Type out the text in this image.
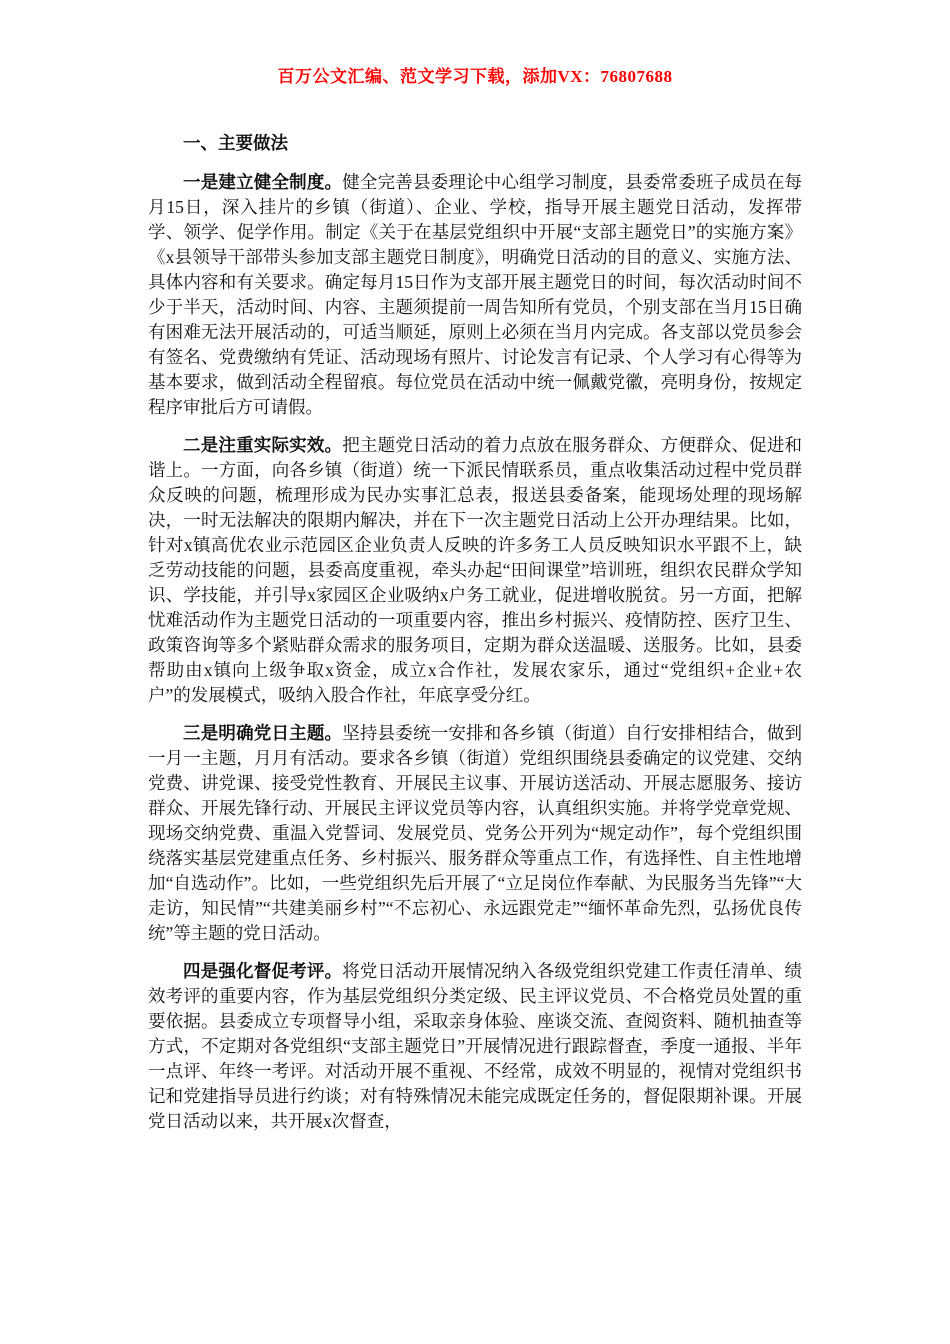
百万公文汇编、范文学习下载，添加VX：76807688

一、主要做法

一是建立健全制度。健全完善县委理论中心组学习制度，县委常委班子成员在每月15日，深入挂片的乡镇（街道）、企业、学校，指导开展主题党日活动，发挥带学、领学、促学作用。制定《关于在基层党组织中开展“支部主题党日”的实施方案》《x县领导干部带头参加支部主题党日制度》，明确党日活动的目的意义、实施方法、具体内容和有关要求。确定每月15日作为支部开展主题党日的时间，每次活动时间不少于半天，活动时间、内容、主题须提前一周告知所有党员，个别支部在当月15日确有困难无法开展活动的，可适当顺延，原则上必须在当月内完成。各支部以党员参会有签名、党费缴纳有凭证、活动现场有照片、讨论发言有记录、个人学习有心得等为基本要求，做到活动全程留痕。每位党员在活动中统一佩戴党徽，亮明身份，按规定程序审批后方可请假。

二是注重实际实效。把主题党日活动的着力点放在服务群众、方便群众、促进和谐上。一方面，向各乡镇（街道）统一下派民情联系员，重点收集活动过程中党员群众反映的问题，梳理形成为民办实事汇总表，报送县委备案，能现场处理的现场解决，一时无法解决的限期内解决，并在下一次主题党日活动上公开办理结果。比如，针对x镇高优农业示范园区企业负责人反映的许多务工人员反映知识水平跟不上，缺乏劳动技能的问题，县委高度重视，牵头办起“田间课堂”培训班，组织农民群众学知识、学技能，并引导x家园区企业吸纳x户务工就业，促进增收脱贫。另一方面，把解忧难活动作为主题党日活动的一项重要内容，推出乡村振兴、疫情防控、医疗卫生、政策咨询等多个紧贴群众需求的服务项目，定期为群众送温暖、送服务。比如，县委帮助由x镇向上级争取x资金，成立x合作社，发展农家乐，通过“党组织+企业+农户”的发展模式，吸纳入股合作社，年底享受分红。

三是明确党日主题。坚持县委统一安排和各乡镇（街道）自行安排相结合，做到一月一主题，月月有活动。要求各乡镇（街道）党组织围绕县委确定的议党建、交纳党费、讲党课、接受党性教育、开展民主议事、开展访送活动、开展志愿服务、接访群众、开展先锋行动、开展民主评议党员等内容，认真组织实施。并将学党章党规、现场交纳党费、重温入党誓词、发展党员、党务公开列为“规定动作”，每个党组织围绕落实基层党建重点任务、乡村振兴、服务群众等重点工作，有选择性、自主性地增加“自选动作”。比如，一些党组织先后开展了“立足岗位作奉献、为民服务当先锋”“大走访，知民情”“共建美丽乡村”“不忘初心、永远跟党走”“缅怀革命先烈，弘扬优良传统”等主题的党日活动。

四是强化督促考评。将党日活动开展情况纳入各级党组织党建工作责任清单、绩效考评的重要内容，作为基层党组织分类定级、民主评议党员、不合格党员处置的重要依据。县委成立专项督导小组，采取亲身体验、座谈交流、查阅资料、随机抽查等方式，不定期对各党组织“支部主题党日”开展情况进行跟踪督查，季度一通报、半年一点评、年终一考评。对活动开展不重视、不经常，成效不明显的，视情对党组织书记和党建指导员进行约谈；对有特殊情况未能完成既定任务的，督促限期补课。开展党日活动以来，共开展x次督查，
